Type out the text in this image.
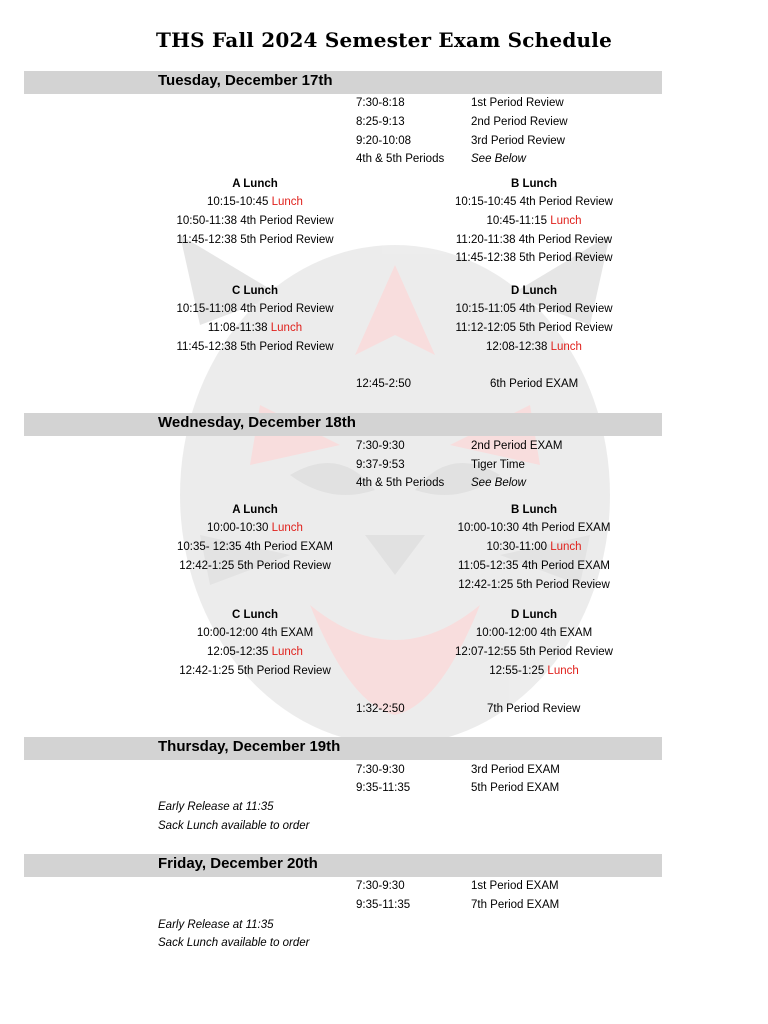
THS Fall 2024 Semester Exam Schedule
Tuesday, December 17th
7:30-8:18	1st Period Review
8:25-9:13	2nd Period Review
9:20-10:08	3rd Period Review
4th & 5th Periods See Below
A Lunch
10:15-10:45 Lunch
10:50-11:38 4th Period Review
11:45-12:38 5th Period Review
B Lunch
10:15-10:45 4th Period Review
10:45-11:15 Lunch
11:20-11:38 4th Period Review
11:45-12:38 5th Period Review
C Lunch
10:15-11:08 4th Period Review
11:08-11:38 Lunch
11:45-12:38 5th Period Review
D Lunch
10:15-11:05 4th Period Review
11:12-12:05 5th Period Review
12:08-12:38 Lunch
12:45-2:50	6th Period EXAM
Wednesday, December 18th
7:30-9:30	2nd Period EXAM
9:37-9:53	Tiger Time
4th & 5th Periods See Below
A Lunch
10:00-10:30 Lunch
10:35- 12:35 4th Period EXAM
12:42-1:25 5th Period Review
B Lunch
10:00-10:30 4th Period EXAM
10:30-11:00 Lunch
11:05-12:35 4th Period EXAM
12:42-1:25 5th Period Review
C Lunch
10:00-12:00 4th EXAM
12:05-12:35 Lunch
12:42-1:25 5th Period Review
D Lunch
10:00-12:00 4th EXAM
12:07-12:55 5th Period Review
12:55-1:25 Lunch
1:32-2:50	7th Period Review
Thursday, December 19th
7:30-9:30	3rd Period EXAM
9:35-11:35	5th Period EXAM
Early Release at 11:35
Sack Lunch available to order
Friday, December 20th
7:30-9:30	1st Period EXAM
9:35-11:35	7th Period EXAM
Early Release at 11:35
Sack Lunch available to order
